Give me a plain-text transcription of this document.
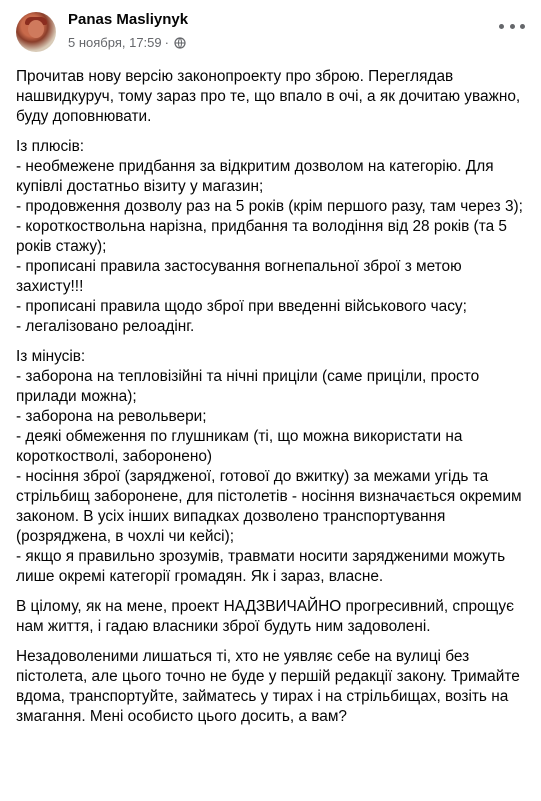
Panas Masliynyk
5 ноября, 17:59 ·

Прочитав нову версію законопроекту про зброю. Переглядав нашвидкуруч, тому зараз про те, що впало в очі, а як дочитаю уважно, буду доповнювати.

Із плюсів:
- необмежене придбання за відкритим дозволом на категорію. Для купівлі достатньо візиту у магазин;
- продовження дозволу раз на 5 років (крім першого разу, там через 3);
- короткоствольна нарізна, придбання та володіння від 28 років (та 5 років стажу);
- прописані правила застосування вогнепальної зброї з метою захисту!!!
- прописані правила щодо зброї при введенні військового часу;
- легалізовано релоадінг.

Із мінусів:
- заборона на тепловізійні та нічні приціли (саме приціли, просто прилади можна);
- заборона на револьвери;
- деякі обмеження по глушникам (ті, що можна використати на короткостволі, заборонено)
- носіння зброї (зарядженої, готової до вжитку) за межами угідь та стрільбищ заборонене, для пістолетів - носіння визначається окремим законом. В усіх інших випадках дозволено транспортування (розряджена, в чохлі чи кейсі);
- якщо я правильно зрозумів, травмати носити зарядженими можуть лише окремі категорії громадян. Як і зараз, власне.

В цілому, як на мене, проект НАДЗВИЧАЙНО прогресивний, спрощує нам життя, і гадаю власники зброї будуть ним задоволені.

Незадоволеними лишаться ті, хто не уявляє себе на вулиці без пістолета, але цього точно не буде у першій редакції закону. Тримайте вдома, транспортуйте, займатесь у тирах і на стрільбищах, возіть на змагання. Мені особисто цього досить, а вам?
